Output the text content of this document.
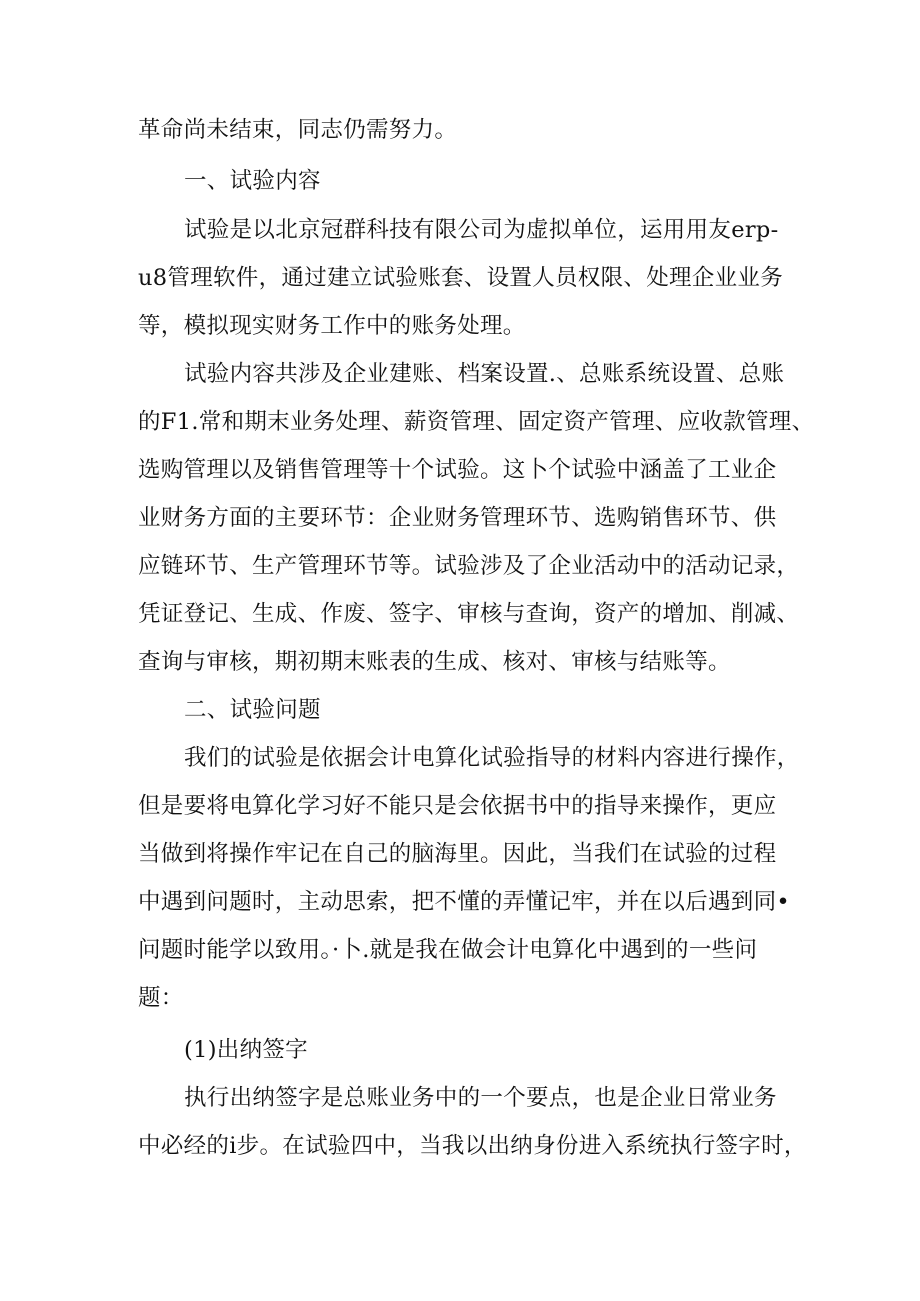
革命尚未结束，同志仍需努力。
一、试验内容
试验是以北京冠群科技有限公司为虚拟单位，运用用友erp-
u8管理软件，通过建立试验账套、设置人员权限、处理企业业务
等，模拟现实财务工作中的账务处理。
试验内容共涉及企业建账、档案设置.、总账系统设置、总账
的F1.常和期末业务处理、薪资管理、固定资产管理、应收款管理、
选购管理以及销售管理等十个试验。这卜个试验中涵盖了工业企
业财务方面的主要环节：企业财务管理环节、选购销售环节、供
应链环节、生产管理环节等。试验涉及了企业活动中的活动记录，
凭证登记、生成、作废、签字、审核与查询，资产的增加、削减、
查询与审核，期初期末账表的生成、核对、审核与结账等。
二、试验问题
我们的试验是依据会计电算化试验指导的材料内容进行操作，
但是要将电算化学习好不能只是会依据书中的指导来操作，更应
当做到将操作牢记在自己的脑海里。因此，当我们在试验的过程
中遇到问题时，主动思索，把不懂的弄懂记牢，并在以后遇到同•
问题时能学以致用。·卜.就是我在做会计电算化中遇到的一些问
题：
(1)出纳签字
执行出纳签字是总账业务中的一个要点，也是企业日常业务
中必经的i步。在试验四中，当我以出纳身份进入系统执行签字时，
